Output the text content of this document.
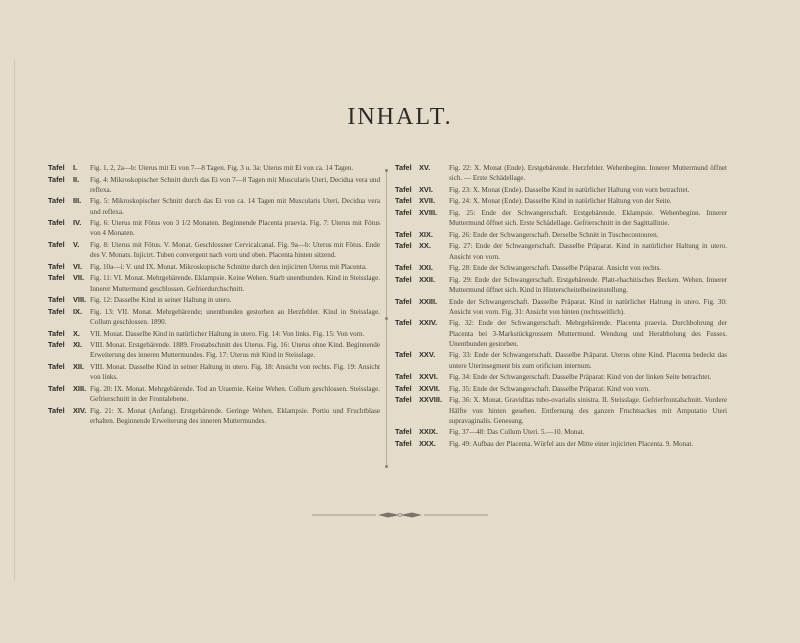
INHALT.
Tafel I.	Fig. 1, 2, 2a—b: Uterus mit Ei von 7—8 Tagen. Fig. 3 u. 3a: Uterus mit Ei von ca. 14 Tagen.
Tafel II.	Fig. 4: Mikroskopischer Schnitt durch das Ei von 7—8 Tagen mit Muscularis Uteri, Decidua vera und reflexa.
Tafel III.	Fig. 5: Mikroskopischer Schnitt durch das Ei von ca. 14 Tagen mit Muscularis Uteri, Decidua vera und reflexa.
Tafel IV.	Fig. 6: Uterus mit Fötus von 3 1/2 Monaten. Beginnende Placenta praevia. Fig. 7: Uterus mit Fötus von 4 Monaten.
Tafel V.	Fig. 8: Uterus mit Fötus. V. Monat. Geschlossner Cervicalcanal. Fig. 9a—b: Uterus mit Fötus. Ende des V. Monats. Injicirt. Tuben convergent nach vorn und oben. Placenta hinten sitzend.
Tafel VI.	Fig. 10a—i: V. und IX. Monat. Mikroskopische Schnitte durch den injicirten Uterus mit Placenta.
Tafel VII. Fig. 11: VI. Monat. Mehrgebärende. Eklampsie. Keine Wehen. Starb unentbunden. Kind in Steisslage. Innerer Muttermund geschlossen. Gefrierdurchschnitt.
Tafel VIII. Fig. 12: Dasselbe Kind in seiner Haltung in utero.
Tafel IX.	Fig. 13: VII. Monat. Mehrgebärende; unentbunden gestorben an Herzfehler. Kind in Steisslage. Collum geschlossen. 1890.
Tafel X.	VII. Monat. Dasselbe Kind in natürlicher Haltung in utero. Fig. 14: Von links. Fig. 15: Von vorn.
Tafel XI.	VIII. Monat. Erstgebärende. 1889. Frostabschnitt des Uterus. Fig. 16: Uterus ohne Kind. Beginnende Erweiterung des inneren Muttermundes. Fig. 17: Uterus mit Kind in Steisslage.
Tafel XII. VIII. Monat. Dasselbe Kind in seiner Haltung in utero. Fig. 18: Ansicht von rechts. Fig. 19: Ansicht von links.
Tafel XIII. Fig. 20: IX. Monat. Mehrgebärende. Tod an Uraemie. Keine Wehen. Collum geschlossen. Steisslage. Gefrierschnitt in der Frontalebene.
Tafel XIV. Fig. 21: X. Monat (Anfang). Erstgebärende. Geringe Wehen. Eklampsie. Portio und Fruchtblase erhalten. Beginnende Erweiterung des inneren Muttermundes.
Tafel XV.	Fig. 22: X. Monat (Ende). Erstgebärende. Herzfehler. Wehenbeginn. Innerer Muttermund öffnet sich. — Erste Schädellage.
Tafel XVI.	Fig. 23: X. Monat (Ende). Dasselbe Kind in natürlicher Haltung von vorn betrachtet.
Tafel XVII.	Fig. 24: X. Monat (Ende). Dasselbe Kind in natürlicher Haltung von der Seite.
Tafel XVIII.	Fig. 25: Ende der Schwangerschaft. Erstgebärende. Eklampsie. Wehenbeginn. Innerer Muttermund öffnet sich. Erste Schädellage. Gefrierschnitt in der Sagittallinie.
Tafel XIX.	Fig. 26: Ende der Schwangerschaft. Derselbe Schnitt in Tuschecontouren.
Tafel XX.	Fig. 27: Ende der Schwangerschaft. Dasselbe Präparat. Kind in natürlicher Haltung in utero. Ansicht von vorn.
Tafel XXI.	Fig. 28: Ende der Schwangerschaft. Dasselbe Präparat. Ansicht von rechts.
Tafel XXII.	Fig. 29: Ende der Schwangerschaft. Erstgebärende. Platt-rhachitisches Becken. Wehen. Innerer Muttermund öffnet sich. Kind in Hinterscheitelbeineinstellung.
Tafel XXIII.	Ende der Schwangerschaft. Dasselbe Präparat. Kind in natürlicher Haltung in utero. Fig. 30: Ansicht von vorn. Fig. 31: Ansicht von hinten (rechtsseitlich).
Tafel XXIV.	Fig. 32: Ende der Schwangerschaft. Mehrgebärende. Placenta praevia. Durchbohrung der Placenta bei 3-Markstückgrossem Muttermund. Wendung und Herabholung des Fusses. Unentbunden gestorben.
Tafel XXV.	Fig. 33: Ende der Schwangerschaft. Dasselbe Präparat. Uterus ohne Kind. Placenta bedeckt das untere Uterinsegment bis zum orificium internum.
Tafel XXVI.	Fig. 34: Ende der Schwangerschaft. Dasselbe Präparat: Kind von der linken Seite betrachtet.
Tafel XXVII.	Fig. 35: Ende der Schwangerschaft. Dasselbe Präparat: Kind von vorn.
Tafel XXVIII. Fig. 36: X. Monat. Graviditas tubo-ovarialis sinistra. II. Steisslage. Gefrierfrontalschnitt. Vordere Hälfte von hinten gesehen. Entfernung des ganzen Fruchtsackes mit Amputatio Uteri supravaginalis. Genesung.
Tafel XXIX.	Fig. 37—48: Das Collum Uteri. 5.—10. Monat.
Tafel XXX.	Fig. 49: Aufbau der Placenta. Würfel aus der Mitte einer injicirten Placenta. 9. Monat.
